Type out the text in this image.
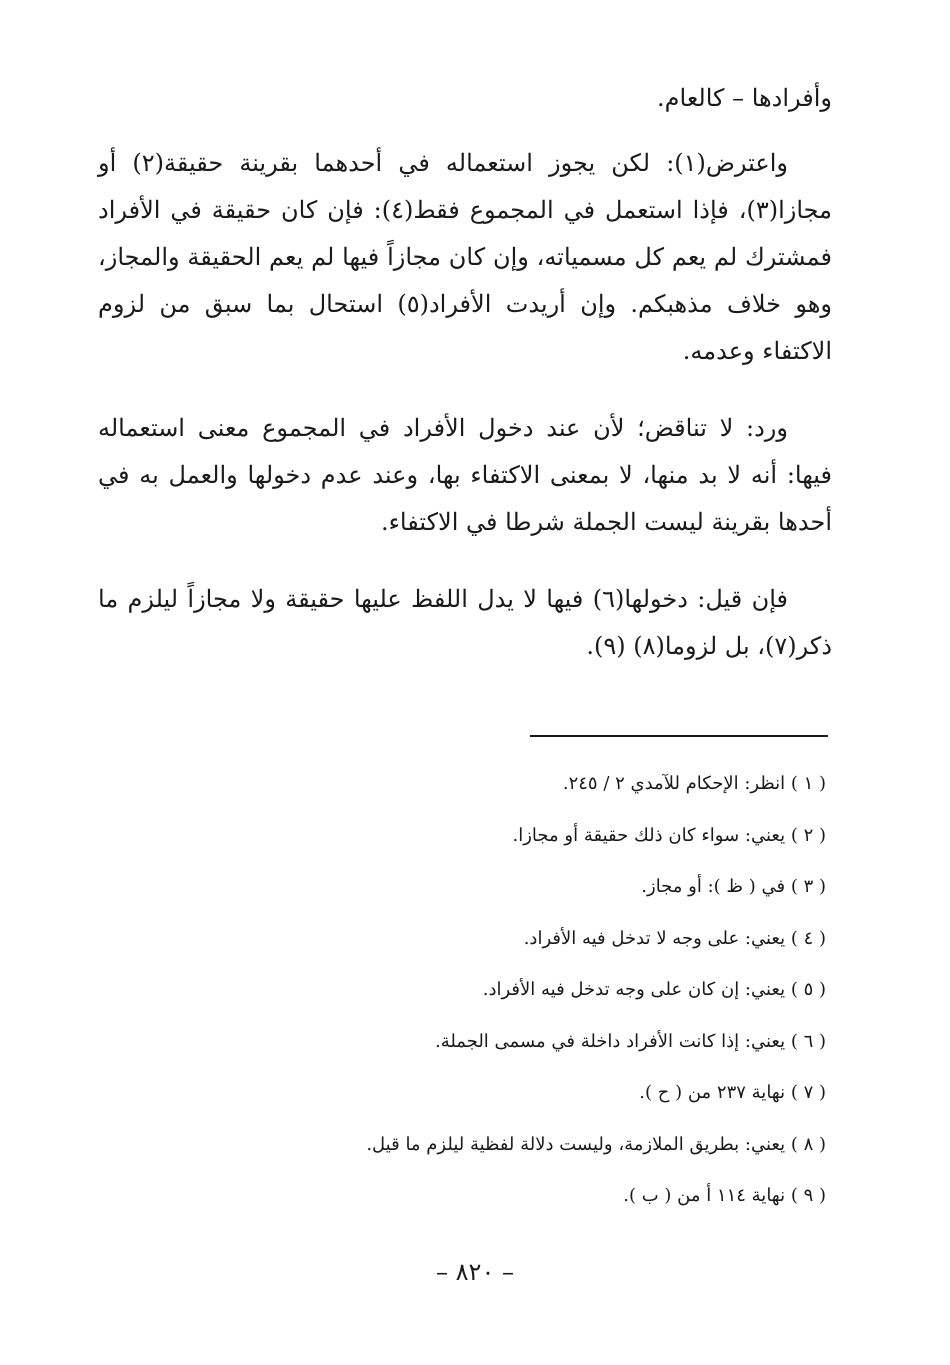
وأفرادها – كالعام.

واعترض(١): لكن يجوز استعماله في أحدهما بقرينة حقيقة(٢) أو مجازا(٣)، فإذا استعمل في المجموع فقط(٤): فإن كان حقيقة في الأفراد فمشترك لم يعم كل مسمياته، وإن كان مجازاً فيها لم يعم الحقيقة والمجاز، وهو خلاف مذهبكم. وإن أريدت الأفراد(٥) استحال بما سبق من لزوم الاكتفاء وعدمه.

ورد: لا تناقض؛ لأن عند دخول الأفراد في المجموع معنى استعماله فيها: أنه لا بد منها، لا بمعنى الاكتفاء بها، وعند عدم دخولها والعمل به في أحدها بقرينة ليست الجملة شرطا في الاكتفاء.

فإن قيل: دخولها(٦) فيها لا يدل اللفظ عليها حقيقة ولا مجازاً ليلزم ما ذكر(٧)، بل لزوما(٨) (٩).

( ١ ) انظر: الإحكام للآمدي ٢ / ٢٤٥.
( ٢ ) يعني: سواء كان ذلك حقيقة أو مجازا.
( ٣ ) في ( ظ ): أو مجاز.
( ٤ ) يعني: على وجه لا تدخل فيه الأفراد.
( ٥ ) يعني: إن كان على وجه تدخل فيه الأفراد.
( ٦ ) يعني: إذا كانت الأفراد داخلة في مسمى الجملة.
( ٧ ) نهاية ٢٣٧ من ( ح ).
( ٨ ) يعني: بطريق الملازمة، وليست دلالة لفظية ليلزم ما قيل.
( ٩ ) نهاية ١١٤ أ من ( ب ).
– ٨٢٠ –
